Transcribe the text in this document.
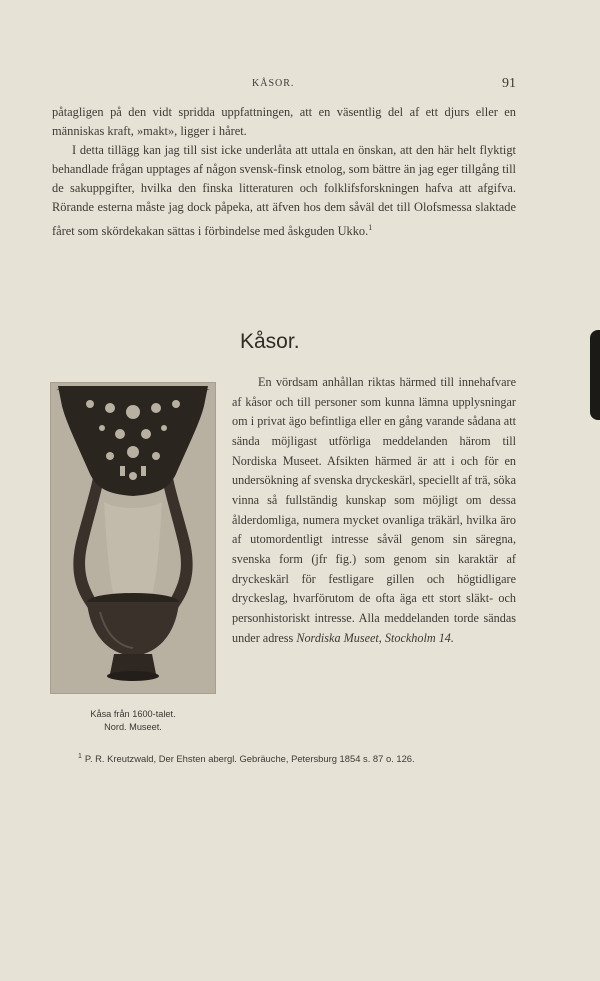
KÅSOR.	91

påtagligen på den vidt spridda uppfattningen, att en väsentlig del af ett djurs eller en människas kraft, »makt», ligger i håret.

I detta tillägg kan jag till sist icke underlåta att uttala en önskan, att den här helt flyktigt behandlade frågan upptages af någon svensk-finsk etnolog, som bättre än jag eger tillgång till de sakuppgifter, hvilka den finska litteraturen och folklifsforskningen hafva att afgifva. Rörande esterna måste jag dock påpeka, att äfven hos dem såväl det till Olofsmessa slaktade fåret som skördekakan sättas i förbindelse med åskguden Ukko.$^1$

Kåsor.
Kåsa från 1600-talet.
Nord. Museet.

En vördsam anhållan riktas härmed till innehafvare af kåsor och till personer som kunna lämna upplysningar om i privat ägo befintliga eller en gång varande sådana att sända möjligast utförliga meddelanden härom till Nordiska Museet. Afsikten härmed är att i och för en undersökning af svenska dryckeskärl, speciellt af trä, söka vinna så fullständig kunskap som möjligt om dessa ålderdomliga, numera mycket ovanliga träkärl, hvilka äro af utomordentligt intresse såväl genom sin säregna, svenska form (jfr fig.) som genom sin karaktär af dryckeskärl för festligare gillen och högtidligare dryckeslag, hvarförutom de ofta äga ett stort släkt- och personhistoriskt intresse. Alla meddelanden torde sändas under adress Nordiska Museet, Stockholm 14.

$^1$ P. R. Kreutzwald, Der Ehsten abergl. Gebräuche, Petersburg 1854 s. 87 o. 126.
